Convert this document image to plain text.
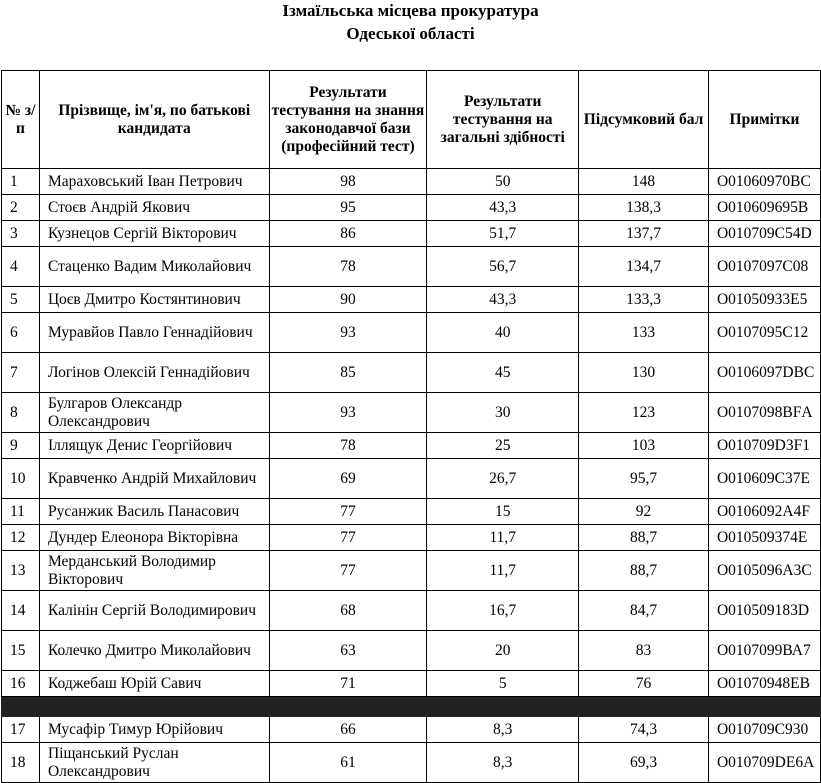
Ізмаїльська місцева прокуратура
Одеської області
№ з/п	Прізвище, ім'я, по батькові кандидата	Результати тестування на знання законодавчої бази (професійний тест)	Результати тестування на загальні здібності	Підсумковий бал	Примітки
1	Мараховський Іван Петрович	98	50	148	О01060970ВС
2	Стоєв Андрій Якович	95	43,3	138,3	О010609695В
3	Кузнецов Сергій Вікторович	86	51,7	137,7	О010709С54D
4	Стаценко Вадим Миколайович	78	56,7	134,7	О0107097С08
5	Цоєв Дмитро Костянтинович	90	43,3	133,3	О01050933Е5
6	Муравйов Павло Геннадійович	93	40	133	О0107095С12
7	Логінов Олексій Геннадійович	85	45	130	О0106097DВС
8	Булгаров Олександр Олександрович	93	30	123	О0107098ВFА
9	Іллящук Денис Георгійович	78	25	103	О010709D3F1
10	Кравченко Андрій Михайлович	69	26,7	95,7	О010609С37Е
11	Русанжик Василь Панасович	77	15	92	О0106092А4F
12	Дундер Елеонора Вікторівна	77	11,7	88,7	О010509374Е
13	Мерданський Володимир Вікторович	77	11,7	88,7	О0105096А3С
14	Калінін Сергій Володимирович	68	16,7	84,7	О010509183D
15	Колечко Дмитро Миколайович	63	20	83	О0107099ВА7
16	Коджебаш Юрій Савич	71	5	76	О01070948ЕВ

17	Мусафір Тимур Юрійович	66	8,3	74,3	О010709С930
18	Піщанський Руслан Олександрович	61	8,3	69,3	О010709DЕ6А
